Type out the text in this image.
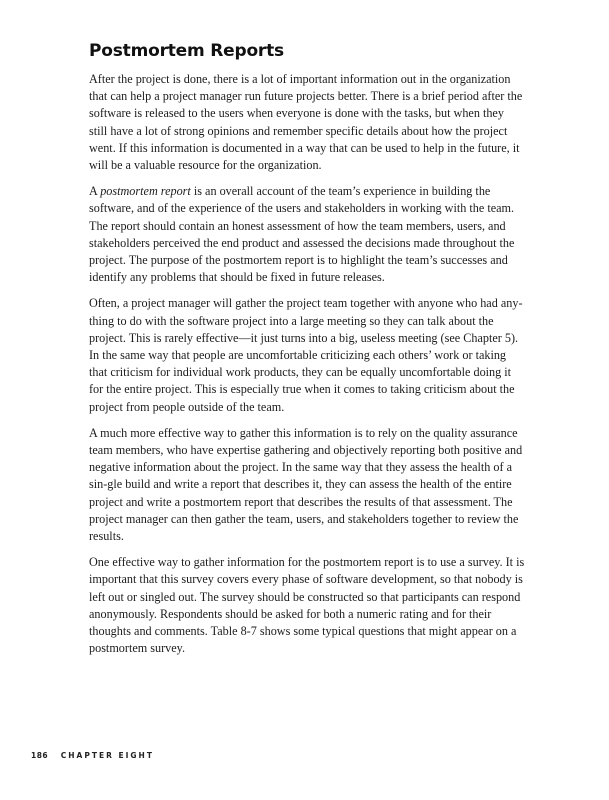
Postmortem Reports

After the project is done, there is a lot of important information out in the organization that can help a project manager run future projects better. There is a brief period after the software is released to the users when everyone is done with the tasks, but when they still have a lot of strong opinions and remember specific details about how the project went. If this information is documented in a way that can be used to help in the future, it will be a valuable resource for the organization.

A postmortem report is an overall account of the team’s experience in building the software, and of the experience of the users and stakeholders in working with the team. The report should contain an honest assessment of how the team members, users, and stakeholders perceived the end product and assessed the decisions made throughout the project. The purpose of the postmortem report is to highlight the team’s successes and identify any problems that should be fixed in future releases.

Often, a project manager will gather the project team together with anyone who had any-thing to do with the software project into a large meeting so they can talk about the project. This is rarely effective—it just turns into a big, useless meeting (see Chapter 5). In the same way that people are uncomfortable criticizing each others’ work or taking that criticism for individual work products, they can be equally uncomfortable doing it for the entire project. This is especially true when it comes to taking criticism about the project from people outside of the team.

A much more effective way to gather this information is to rely on the quality assurance team members, who have expertise gathering and objectively reporting both positive and negative information about the project. In the same way that they assess the health of a sin-gle build and write a report that describes it, they can assess the health of the entire project and write a postmortem report that describes the results of that assessment. The project manager can then gather the team, users, and stakeholders together to review the results.

One effective way to gather information for the postmortem report is to use a survey. It is important that this survey covers every phase of software development, so that nobody is left out or singled out. The survey should be constructed so that participants can respond anonymously. Respondents should be asked for both a numeric rating and for their thoughts and comments. Table 8-7 shows some typical questions that might appear on a postmortem survey.

186 CHAPTER EIGHT
